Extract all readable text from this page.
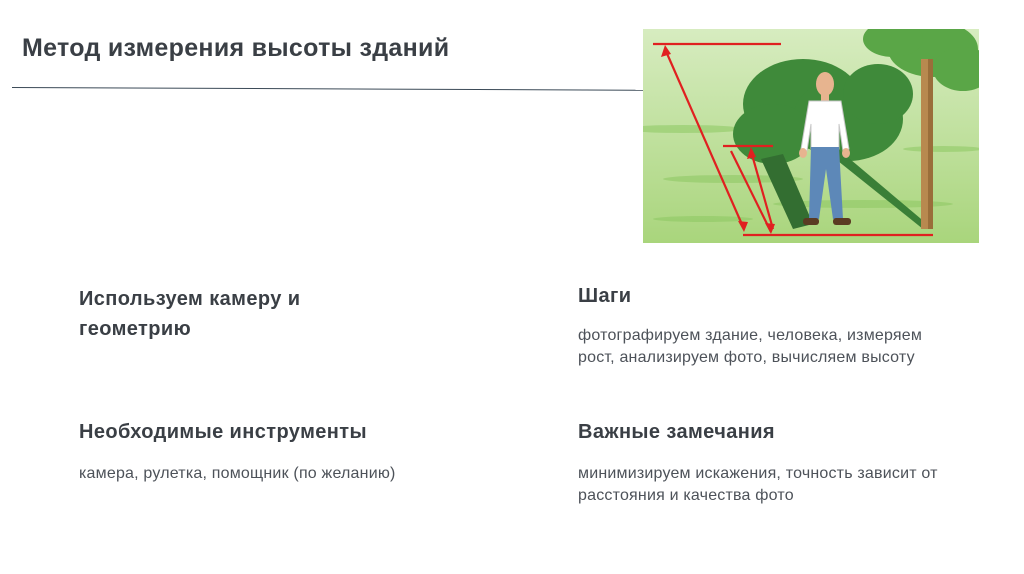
Метод измерения высоты зданий
Используем камеру и геометрию
Шаги

фотографируем здание, человека, измеряем рост, анализируем фото, вычисляем высоту

Необходимые инструменты

камера, рулетка, помощник (по желанию)

Важные замечания

минимизируем искажения, точность зависит от расстояния и качества фото
